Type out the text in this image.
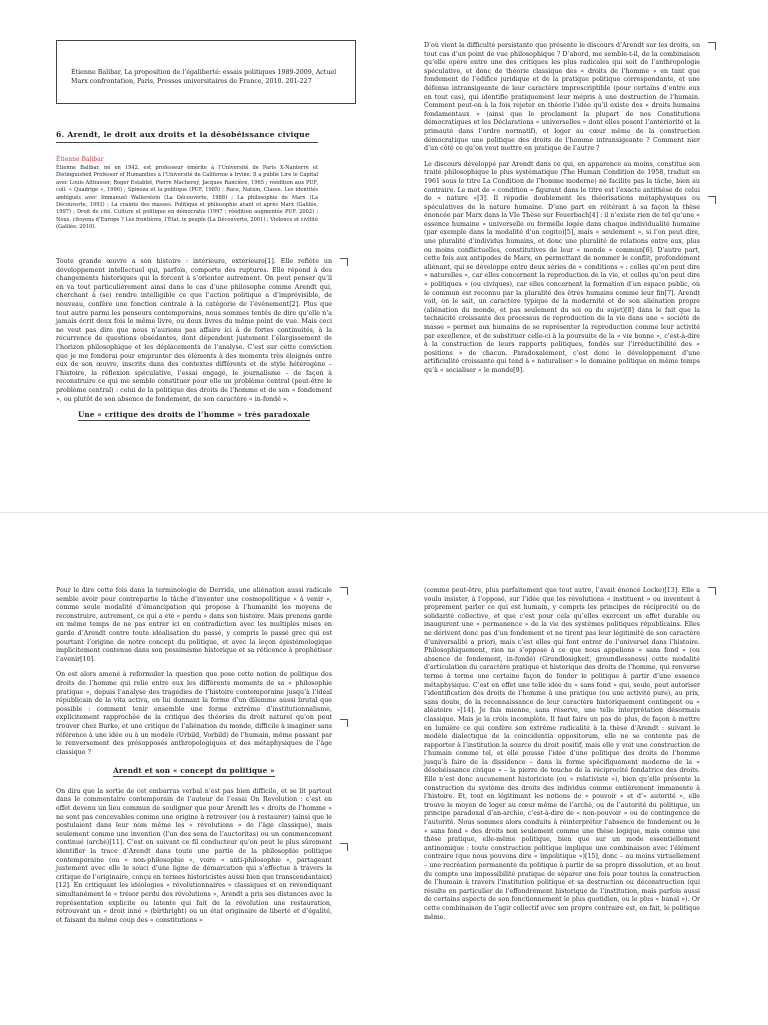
Étienne Balibar, La proposition de l’égaliberté: essais politiques 1989-2009, Actuel Marx confrontation, Paris, Presses universitaires de France, 2010. 201-227
6. Arendt, le droit aux droits et la désobéissance civique
Étienne Balibar
Étienne Balibar, né en 1942, est professeur émérite à l’Université de Paris X-Nanterre et Distinguished Professor of Humanities à l’Université de Californie à Irvine. Il a publié Lire le Capital avec Louis Althusser, Roger Establet, Pierre Macherey, Jacques Rancière, 1965 ; réédition aux PUF, coll. « Quadrige », 1996) ; Spinoza et la politique (PUF, 1985) ; Race, Nation, Classe. Les identités ambiguës avec Immanuel Wallerstein (La Découverte, 1988) ; La philosophie de Marx (La Découverte, 1993) ; La crainte des masses. Politique et philosophie avant et après Marx (Galilée, 1997) ; Droit de cité. Culture et politique en démocratie (1997 ; réédition augmentée PUF, 2002) ; Nous, citoyens d’Europe ? Les frontières, l’État, le peuple (La Découverte, 2001) ; Violence et civilité (Galilée, 2010).

Toute grande œuvre a son histoire : intérieure, extérieure[1]. Elle reflète un développement intellectuel qui, parfois, comporte des ruptures. Elle répond à des changements historiques qui la forcent à s’orienter autrement. On peut penser qu’il en va tout particulièrement ainsi dans le cas d’une philosophe comme Arendt qui, cherchant à (se) rendre intelligible ce que l’action politique a d’imprévisible, de nouveau, confère une fonction centrale à la catégorie de l’événement[2]. Plus que tout autre parmi les penseurs contemporains, nous sommes tentés de dire qu’elle n’a jamais écrit deux fois le même livre, ou deux livres du même point de vue. Mais ceci ne veut pas dire que nous n’aurions pas affaire ici à de fortes continuités, à la récurrence de questions obsédantes, dont dépendent justement l’élargissement de l’horizon philosophique et les déplacements de l’analyse. C’est sur cette conviction que je me fonderai pour emprunter des éléments à des moments très éloignés entre eux de son œuvre, inscrits dans des contextes différents et de style hétérogène – l’histoire, la réflexion spéculative, l’essai engagé, le journalisme – de façon à reconstruire ce qui me semble constituer pour elle un problème central (peut-être le problème central) : celui de la politique des droits de l’homme et de son « fondement », ou plutôt de son absence de fondement, de son caractère « in-fondé ».

Une « critique des droits de l’homme » très paradoxale

D’où vient la difficulté persistante que présente le discours d’Arendt sur les droits, en tout cas d’un point de vue philosophique ? D’abord, me semble-t-il, de la combinaison qu’elle opère entre une des critiques les plus radicales qui soit de l’anthropologie spéculative, et donc de théorie classique des « droits de l’homme » en tant que fondement de l’édifice juridique et de la pratique politique correspondante, et une défense intransigeante de leur caractère imprescriptible (pour certains d’entre eux en tout cas), qui identifie pratiquement leur mépris à une destruction de l’humain. Comment peut-on à la fois rejeter en théorie l’idée qu’il existe des « droits humains fondamentaux » (ainsi que le proclament la plupart de nos Constitutions démocratiques et les Déclarations « universelles » dont elles posent l’antériorité et la primauté dans l’ordre normatif), et loger au cœur même de la construction démocratique une politique des droits de l’homme intransigeante ? Comment nier d’un côté ce qu’on veut mettre en pratique de l’autre ?

Le discours développé par Arendt dans ce qui, en apparence au moins, constitue son traité philosophique le plus systématique (The Human Condition de 1958, traduit en 1961 sous le titre La Condition de l’homme moderne) ne facilite pas la tâche, bien au contraire. Le mot de « condition » figurant dans le titre est l’exacte antithèse de celui de « nature »[3]. Il répudie doublement les théorisations métaphysiques ou spéculatives de la nature humaine. D’une part en réitérant à sa façon la thèse énoncée par Marx dans la VIe Thèse sur Feuerbach[4] : il n’existe rien de tel qu’une « essence humaine » universelle ou formelle logée dans chaque individualité humaine (par exemple dans la modalité d’un cogito)[5], mais « seulement », si l’on peut dire, une pluralité d’individus humains, et donc une pluralité de relations entre eux, plus ou moins conflictuelles, constitutives de leur « monde » commun[6]. D’autre part, cette fois aux antipodes de Marx, en permettant de nommer le conflit, profondément aliénant, qui se développe entre deux séries de « conditions » : celles qu’on peut dire « naturelles », car elles concernent la reproduction de la vie, et celles qu’on peut dire « politiques » (ou civiques), car elles concernent la formation d’un espace public, où le commun est reconnu par la pluralité des êtres humains comme leur fin[7]. Arendt voit, on le sait, un caractère typique de la modernité et de son aliénation propre (aliénation du monde, et pas seulement du soi ou du sujet)[8] dans le fait que la technicité croissante des processus de reproduction de la vie dans une « société de masse » permet aux humains de se représenter la reproduction comme leur activité par excellence, et de substituer celle-ci à la poursuite de la « vie bonne », c’est-à-dire à la construction de leurs rapports politiques, fondés sur l’irréductibilité des « positions » de chacun. Paradoxalement, c’est donc le développement d’une artificialité croissante qui tend à « naturaliser » le domaine politique en même temps qu’à « socialiser » le monde[9].

Pour le dire cette fois dans la terminologie de Derrida, une aliénation aussi radicale semble avoir pour contrepartie la tâche d’inventer une cosmopolitique « à venir », comme seule modalité d’émancipation qui propose à l’humanité les moyens de reconstruire, autrement, ce qui a été « perdu » dans son histoire. Mais prenons garde en même temps de ne pas entrer ici en contradiction avec les multiples mises en garde d’Arendt contre toute idéalisation du passé, y compris le passé grec qui est pourtant l’origine de notre concept du politique, et avec la leçon épistémologique implicitement contenue dans son pessimisme historique et sa réticence à prophétiser l’avenir[10].

On est alors amené à reformuler la question que pose cette notion de politique des droits de l’homme qui relie entre eux les différents moments de sa « philosophie pratique », depuis l’analyse des tragédies de l’histoire contemporaine jusqu’à l’idéal républicain de la vita activa, en lui donnant la forme d’un dilemme aussi brutal que possible : comment tenir ensemble une forme extrême d’institutionnalisme, explicitement rapprochée de la critique des théories du droit naturel qu’on peut trouver chez Burke, et une critique de l’aliénation du monde, difficile à imaginer sans référence à une idée ou à un modèle (Urbild, Vorbild) de l’humain, même passant par le renversement des présupposés anthropologiques et des métaphysiques de l’âge classique ?

Arendt et son « concept du politique »

On dira que la sortie de cet embarras verbal n’est pas bien difficile, et se lit partout dans le commentaire contemporain de l’auteur de l’essai On Revolution : c’est en effet devenu un lieu commun de souligner que pour Arendt les « droits de l’homme » ne sont pas concevables comme une origine à retrouver (ou à restaurer) (ainsi que le postulaient dans leur nom même les « révolutions » de l’âge classique), mais seulement comme une invention (l’un des sens de l’auctoritas) ou un commencement continué (archè)[11]. C’est en suivant ce fil conducteur qu’on peut le plus sûrement identifier la trace d’Arendt dans toute une partie de la philosophie politique contemporaine (ou « non-philosophie », voire « anti-philosophie », partageant justement avec elle le souci d’une ligne de démarcation qui s’effectue à travers la critique de l’originaire, conçu en termes historicistes aussi bien que transcendantaux)[12]. En critiquant les idéologies « révolutionnaires » classiques et en revendiquant simultanément le « trésor perdu des révolutions », Arendt a pris ses distances avec la représentation explicite ou latente qui fait de la révolution une restauration, retrouvant un « droit inné » (birthright) ou un état originaire de liberté et d’égalité, et faisant du même coup des « constitutions »

(comme peut-être, plus parfaitement que tout autre, l’avait énoncé Locke)[13]. Elle a voulu insister, à l’opposé, sur l’idée que les révolutions « instituent » ou inventent à proprement parler ce qui est humain, y compris les principes de réciprocité ou de solidarité collective, et que c’est pour cela qu’elles exercent un effet durable ou inaugurent une « permanence » de la vie des systèmes politiques républicains. Elles ne dérivent donc pas d’un fondement et ne tirent pas leur légitimité de son caractère d’universalité a priori, mais c’est elles qui font entrer de l’universel dans l’histoire. Philosophiquement, rien ne s’oppose à ce que nous appelions « sans fond » (ou absence de fondement, in-fondé) (Grundlosigkeit, groundlessness) cette modalité d’articulation du caractère pratique et historique des droits de l’homme, qui renverse terme à terme une certaine façon de fonder le politique à partir d’une essence métaphysique. C’est en effet une telle idée du « sans fond » qui, seule, peut autoriser l’identification des droits de l’homme à une pratique (ou une activité pure), au prix, sans doute, de la reconnaissance de leur caractère historiquement contingent ou « aléatoire »[14]. Je fais mienne, sans réserve, une telle interprétation désormais classique. Mais je la crois incomplète. Il faut faire un pas de plus, de façon à mettre en lumière ce qui confère son extrême radicalité à la thèse d’Arendt : suivant le modèle dialectique de la coincidentia oppositorum, elle ne se contente pas de rapporter à l’institution la source du droit positif, mais elle y voit une construction de l’humain comme tel, et elle pousse l’idée d’une politique des droits de l’homme jusqu’à faire de la dissidence – dans la forme spécifiquement moderne de la « désobéissance civique » – la pierre de touche de la réciprocité fondatrice des droits. Elle n’est donc aucunement historiciste (ou « relativiste »), bien qu’elle présente la construction du système des droits des individus comme entièrement immanente à l’histoire. Et, tout en légitimant les notions de « pouvoir » et d’« autorité », elle trouve le moyen de loger au cœur même de l’archè, ou de l’autorité du politique, un principe paradoxal d’an-archie, c’est-à-dire de « non-pouvoir » ou de contingence de l’autorité. Nous sommes alors conduits à réinterpréter l’absence de fondement ou le « sans fond » des droits non seulement comme une thèse logique, mais comme une thèse pratique, elle-même politique, bien que sur un mode essentiellement antinomique : toute construction politique implique une combinaison avec l’élément contraire (que nous pouvons dire « impolitique »)[15], donc – au moins virtuellement – une recréation permanente du politique à partir de sa propre dissolution, et au bout du compte une impossibilité pratique de séparer une fois pour toutes la construction de l’humain à travers l’institution politique et sa destruction ou déconstruction (qui résulte en particulier de l’effondrement historique de l’institution, mais parfois aussi de certains aspects de son fonctionnement le plus quotidien, ou le plus « banal »). Or cette combinaison de l’agir collectif avec son propre contraire est, en fait, le politique même.
